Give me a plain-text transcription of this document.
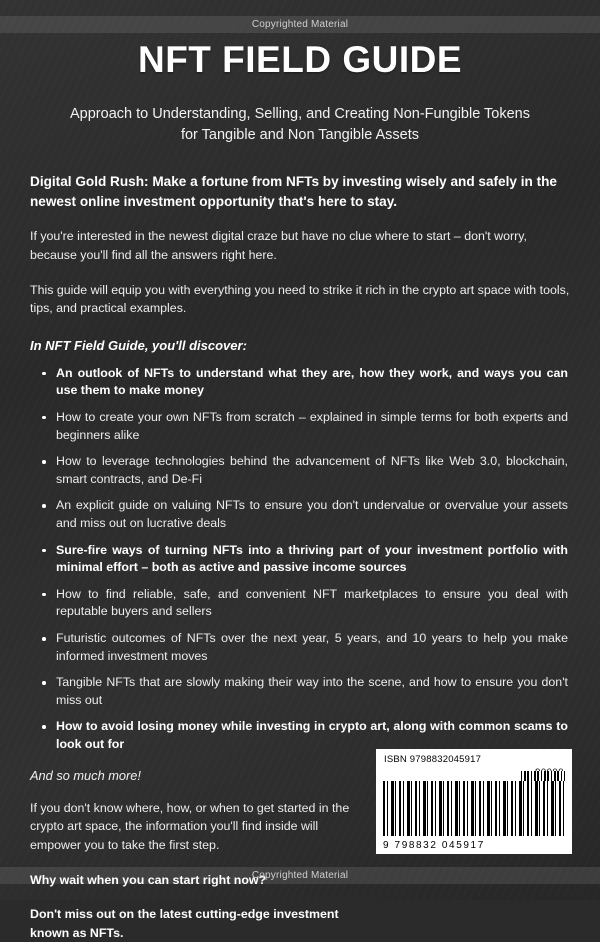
Copyrighted Material
NFT FIELD GUIDE
Approach to Understanding, Selling, and Creating Non-Fungible Tokens for Tangible and Non Tangible Assets

Digital Gold Rush: Make a fortune from NFTs by investing wisely and safely in the newest online investment opportunity that's here to stay.

If you're interested in the newest digital craze but have no clue where to start – don't worry, because you'll find all the answers right here.

This guide will equip you with everything you need to strike it rich in the crypto art space with tools, tips, and practical examples.

In NFT Field Guide, you'll discover:

An outlook of NFTs to understand what they are, how they work, and ways you can use them to make money
How to create your own NFTs from scratch – explained in simple terms for both experts and beginners alike
How to leverage technologies behind the advancement of NFTs like Web 3.0, blockchain, smart contracts, and De-Fi
An explicit guide on valuing NFTs to ensure you don't undervalue or overvalue your assets and miss out on lucrative deals
Sure-fire ways of turning NFTs into a thriving part of your investment portfolio with minimal effort – both as active and passive income sources
How to find reliable, safe, and convenient NFT marketplaces to ensure you deal with reputable buyers and sellers
Futuristic outcomes of NFTs over the next year, 5 years, and 10 years to help you make informed investment moves
Tangible NFTs that are slowly making their way into the scene, and how to ensure you don't miss out
How to avoid losing money while investing in crypto art, along with common scams to look out for

And so much more!

If you don't know where, how, or when to get started in the crypto art space, the information you'll find inside will empower you to take the first step.

Why wait when you can start right now?

Don't miss out on the latest cutting-edge investment known as NFTs.

ISBN 9798832045917
9 798832 045917
Copyrighted Material
